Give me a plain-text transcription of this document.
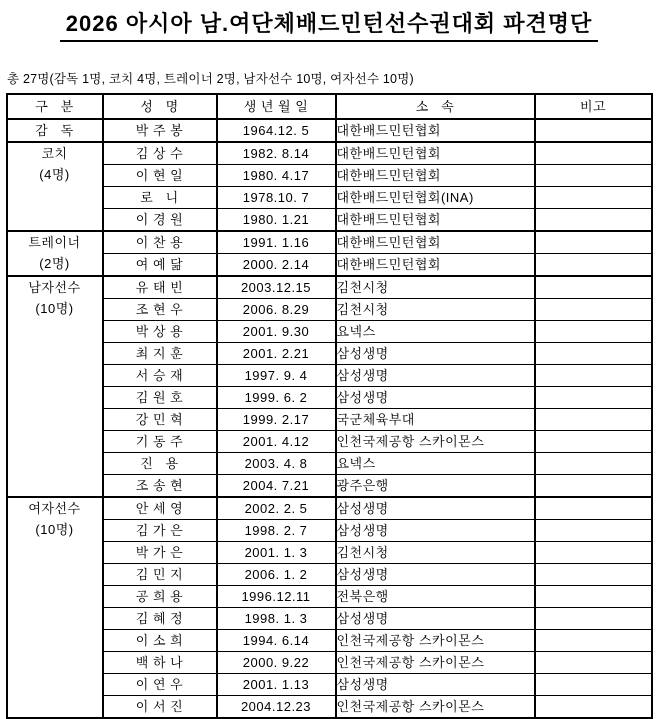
2026 아시아 남.여단체배드민턴선수권대회 파견명단
총 27명(감독 1명, 코치 4명, 트레이너 2명, 남자선수 10명, 여자선수 10명)
구   분	성   명	생 년 월 일	소   속	비고

감   독	박 주 봉	1964.12. 5	대한배드민턴협회	

코치
(4명)	김 상 수	1982. 8.14	대한배드민턴협회	
	이 현 일	1980. 4.17	대한배드민턴협회	
	로   니	1978.10. 7	대한배드민턴협회(INA)	
	이 경 원	1980. 1.21	대한배드민턴협회	

트레이너
(2명)	이 찬 용	1991. 1.16	대한배드민턴협회	
	여 예 닮	2000. 2.14	대한배드민턴협회	

남자선수
(10명)	유 태 빈	2003.12.15	김천시청	
	조 현 우	2006. 8.29	김천시청	
	박 상 용	2001. 9.30	요넥스	
	최 지 훈	2001. 2.21	삼성생명	
	서 승 재	1997. 9. 4	삼성생명	
	김 원 호	1999. 6. 2	삼성생명	
	강 민 혁	1999. 2.17	국군체육부대	
	기 동 주	2001. 4.12	인천국제공항 스카이몬스	
	진   용	2003. 4. 8	요넥스	
	조 송 현	2004. 7.21	광주은행	

여자선수
(10명)	안 세 영	2002. 2. 5	삼성생명	
	김 가 은	1998. 2. 7	삼성생명	
	박 가 은	2001. 1. 3	김천시청	
	김 민 지	2006. 1. 2	삼성생명	
	공 희 용	1996.12.11	전북은행	
	김 혜 정	1998. 1. 3	삼성생명	
	이 소 희	1994. 6.14	인천국제공항 스카이몬스	
	백 하 나	2000. 9.22	인천국제공항 스카이몬스	
	이 연 우	2001. 1.13	삼성생명	
	이 서 진	2004.12.23	인천국제공항 스카이몬스	
